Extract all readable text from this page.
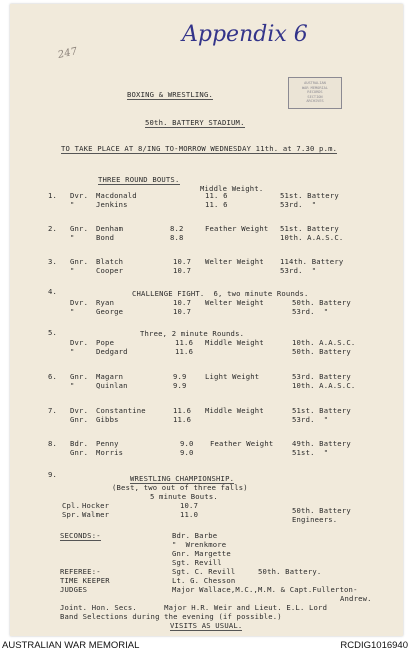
Appendix 6
247
AUSTRALIAN
WAR MEMORIAL
RECORDS
SECTION
ARCHIVES
BOXING & WRESTLING.
50th. BATTERY STADIUM.
TO TAKE PLACE AT 8/ING TO-MORROW WEDNESDAY 11th. at 7.30 p.m.
THREE ROUND BOUTS.
Middle Weight.
1. Dvr. Macdonald	11. 6	51st. Battery
"	Jenkins	11. 6	53rd.  "
2. Gnr. Denham	8.2	Feather Weight 51st. Battery
"	Bond	8.8	10th. A.A.S.C.
3. Gnr. Blatch	10.7 Welter Weight 114th. Battery
"	Cooper	10.7	53rd.  "
4.	CHALLENGE FIGHT.  6, two minute Rounds.
Dvr. Ryan	10.7 Welter Weight	50th. Battery
"	George	10.7	53rd.  "
5.	Three, 2 minute Rounds.
Dvr. Pope	11.6 Middle Weight	10th. A.A.S.C.
"	Dedgard	11.6	50th. Battery
6. Gnr. Magarn	9.9	Light Weight	53rd. Battery
"	Quinlan	9.9	10th. A.A.S.C.
7. Dvr. Constantine	11.6 Middle Weight	51st. Battery
Gnr. Gibbs	11.6	53rd.  "
8. Bdr. Penny	9.0 Feather Weight	49th. Battery
Gnr. Morris	9.0	51st.  "
9.	WRESTLING CHAMPIONSHIP.
(Best, two out of three falls)
5 minute Bouts.
Cpl. Hocker	10.7
50th. Battery
Spr. Walmer	11.0
Engineers.
SECONDS:-	Bdr. Barbe
"  Wrenkmore
Gnr. Margette
Sgt. Revill
REFEREE:-	Sgt. C. Revill     50th. Battery.
TIME KEEPER	Lt. G. Chesson
JUDGES	Major Wallace,M.C.,M.M. & Capt.Fullerton-
Andrew.
Joint. Hon. Secs.      Major H.R. Weir and Lieut. E.L. Lord
Band Selections during the evening (if possible.)
VISITS AS USUAL.
AUSTRALIAN WAR MEMORIAL	RCDIG1016940
